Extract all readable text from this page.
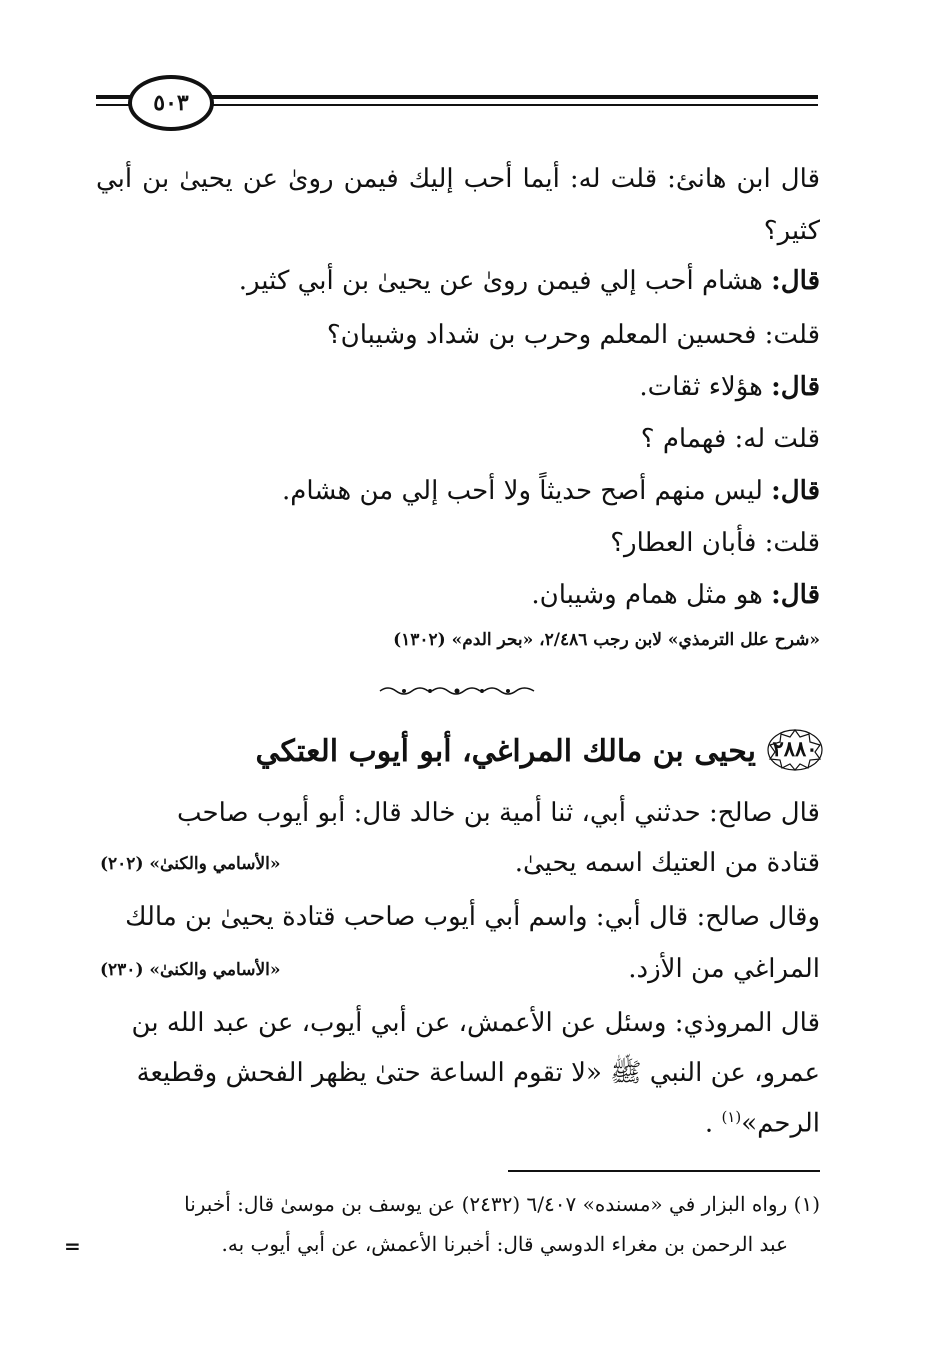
٥٠٣
قال ابن هانئ: قلت له: أيما أحب إليك فيمن روىٰ عن يحيىٰ بن أبي
كثير؟
قال: هشام أحب إلي فيمن روىٰ عن يحيىٰ بن أبي كثير.
قلت: فحسين المعلم وحرب بن شداد وشيبان؟
قال: هؤلاء ثقات.
قلت له: فهمام ؟
قال: ليس منهم أصح حديثاً ولا أحب إلي من هشام.
قلت: فأبان العطار؟
قال: هو مثل همام وشيبان.
«شرح علل الترمذي» لابن رجب ٢/٤٨٦، «بحر الدم» (١٣٠٢)
٢٨٨٠
يحيى بن مالك المراغي، أبو أيوب العتكي
قال صالح: حدثني أبي، ثنا أمية بن خالد قال: أبو أيوب صاحب
قتادة من العتيك اسمه يحيىٰ.
«الأسامي والكنىٰ» (٢٠٢)
وقال صالح: قال أبي: واسم أبي أيوب صاحب قتادة يحيىٰ بن مالك
المراغي من الأزد.
«الأسامي والكنىٰ» (٢٣٠)
قال المروذي: وسئل عن الأعمش، عن أبي أيوب، عن عبد الله بن
عمرو، عن النبي ﷺ «لا تقوم الساعة حتىٰ يظهر الفحش وقطيعة
الرحم»$^{(١)}$ .
(١) رواه البزار في «مسنده» ٦/٤٠٧ (٢٤٣٢) عن يوسف بن موسىٰ قال: أخبرنا
عبد الرحمن بن مغراء الدوسي قال: أخبرنا الأعمش، عن أبي أيوب به.
=
